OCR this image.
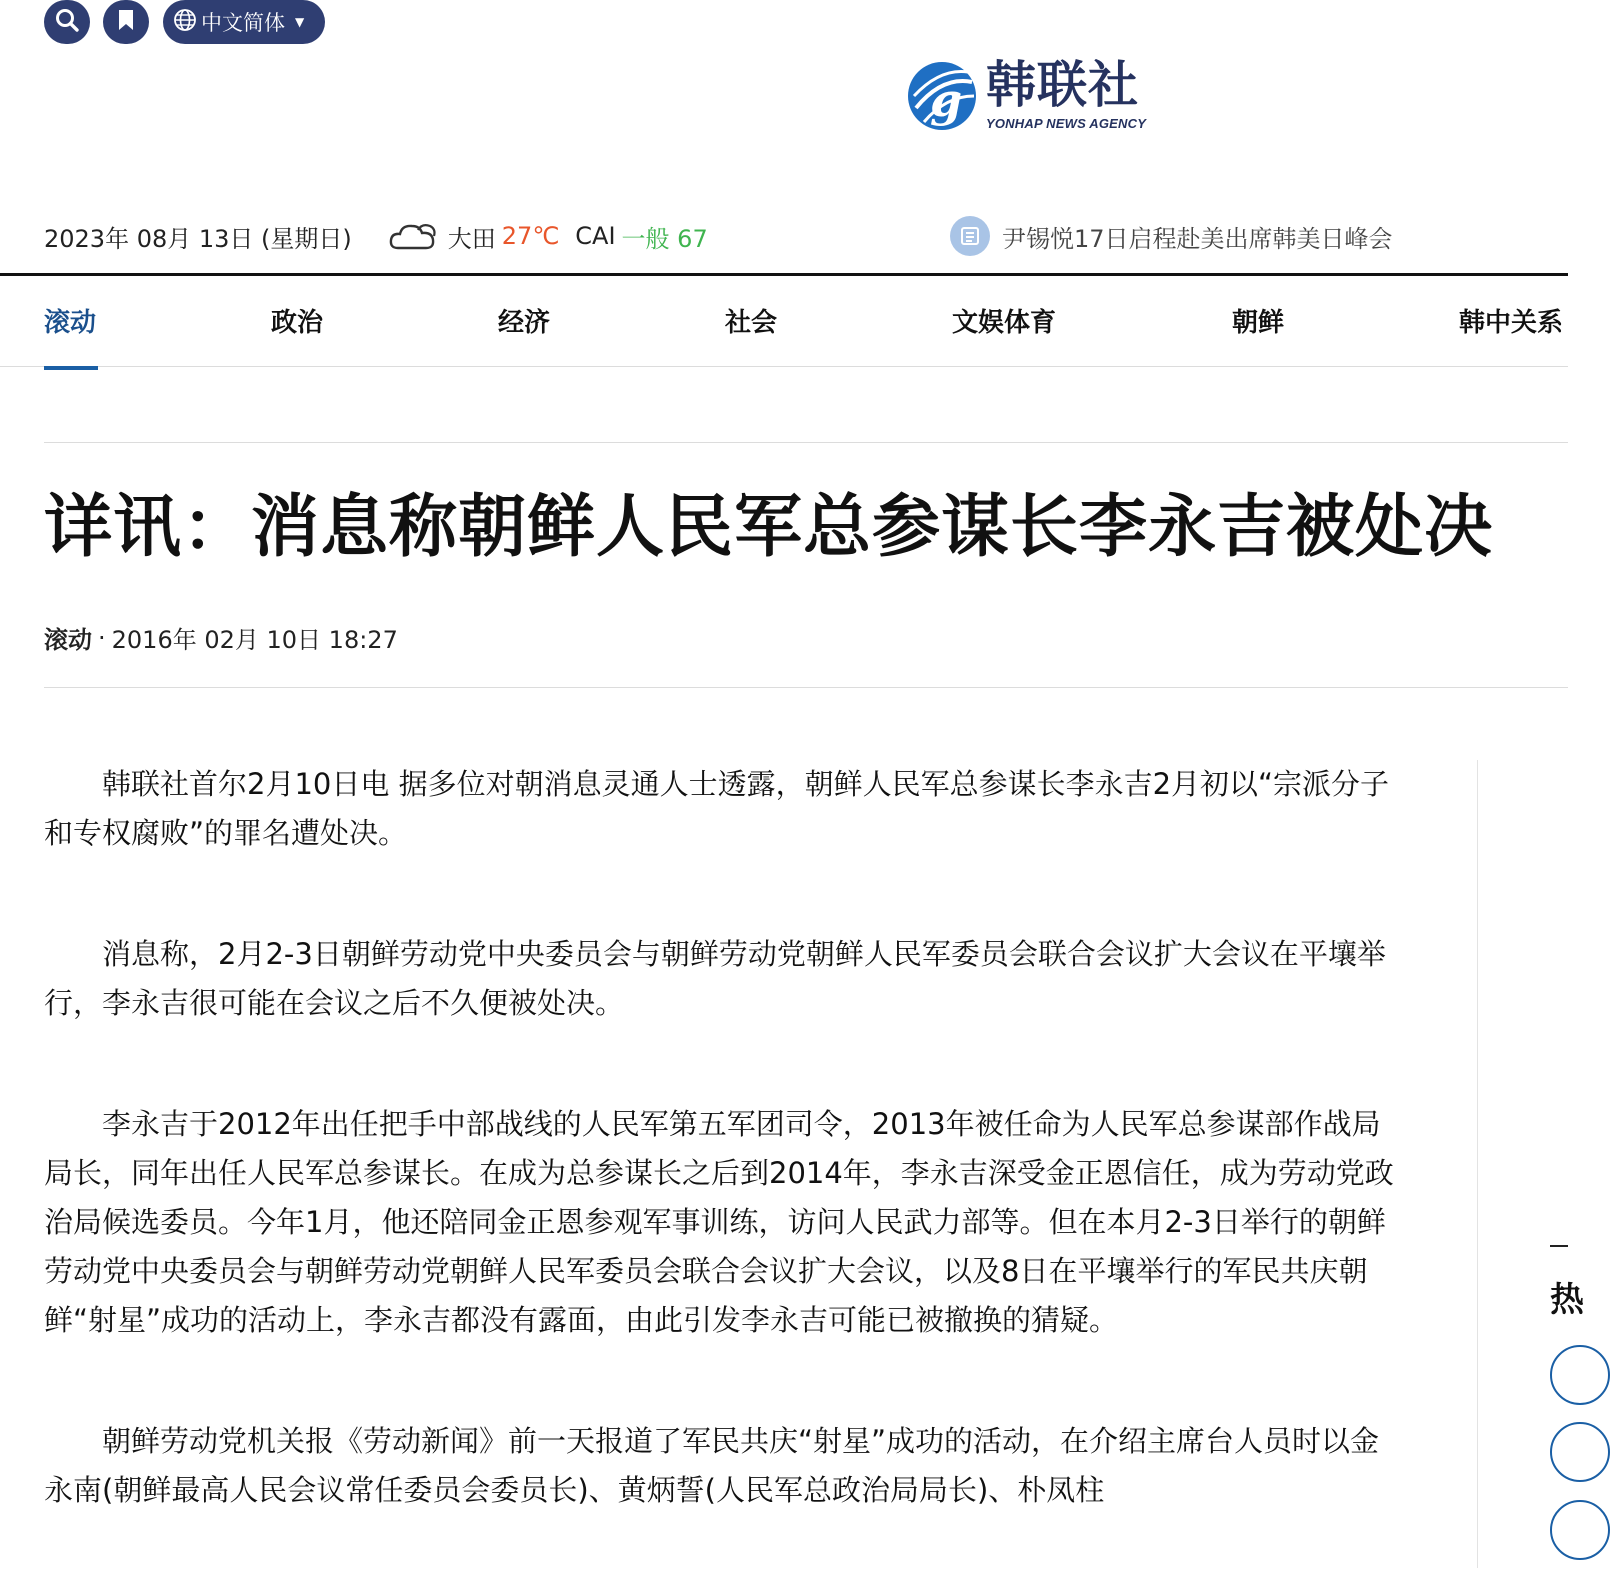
中文简体 ▼
g 韩联社
YONHAP NEWS AGENCY
2023年 08月 13日 (星期日)	大田 27℃ CAI 一般 67	尹锡悦17日启程赴美出席韩美日峰会
滚动	政治	经济	社会	文娱体育	朝鲜	韩中关系
详讯：消息称朝鲜人民军总参谋长李永吉被处决
滚动 · 2016年 02月 10日 18:27

韩联社首尔2月10日电 据多位对朝消息灵通人士透露，朝鲜人民军总参谋长李永吉2月初以“宗派分子和专权腐败”的罪名遭处决。

消息称，2月2-3日朝鲜劳动党中央委员会与朝鲜劳动党朝鲜人民军委员会联合会议扩大会议在平壤举行，李永吉很可能在会议之后不久便被处决。

李永吉于2012年出任把手中部战线的人民军第五军团司令，2013年被任命为人民军总参谋部作战局局长，同年出任人民军总参谋长。在成为总参谋长之后到2014年，李永吉深受金正恩信任，成为劳动党政治局候选委员。今年1月，他还陪同金正恩参观军事训练，访问人民武力部等。但在本月2-3日举行的朝鲜劳动党中央委员会与朝鲜劳动党朝鲜人民军委员会联合会议扩大会议，以及8日在平壤举行的军民共庆朝鲜“射星”成功的活动上，李永吉都没有露面，由此引发李永吉可能已被撤换的猜疑。

朝鲜劳动党机关报《劳动新闻》前一天报道了军民共庆“射星”成功的活动，在介绍主席台人员时以金永南(朝鲜最高人民会议常任委员会委员长)、黄炳誓(人民军总政治局局长)、朴凤柱

热
